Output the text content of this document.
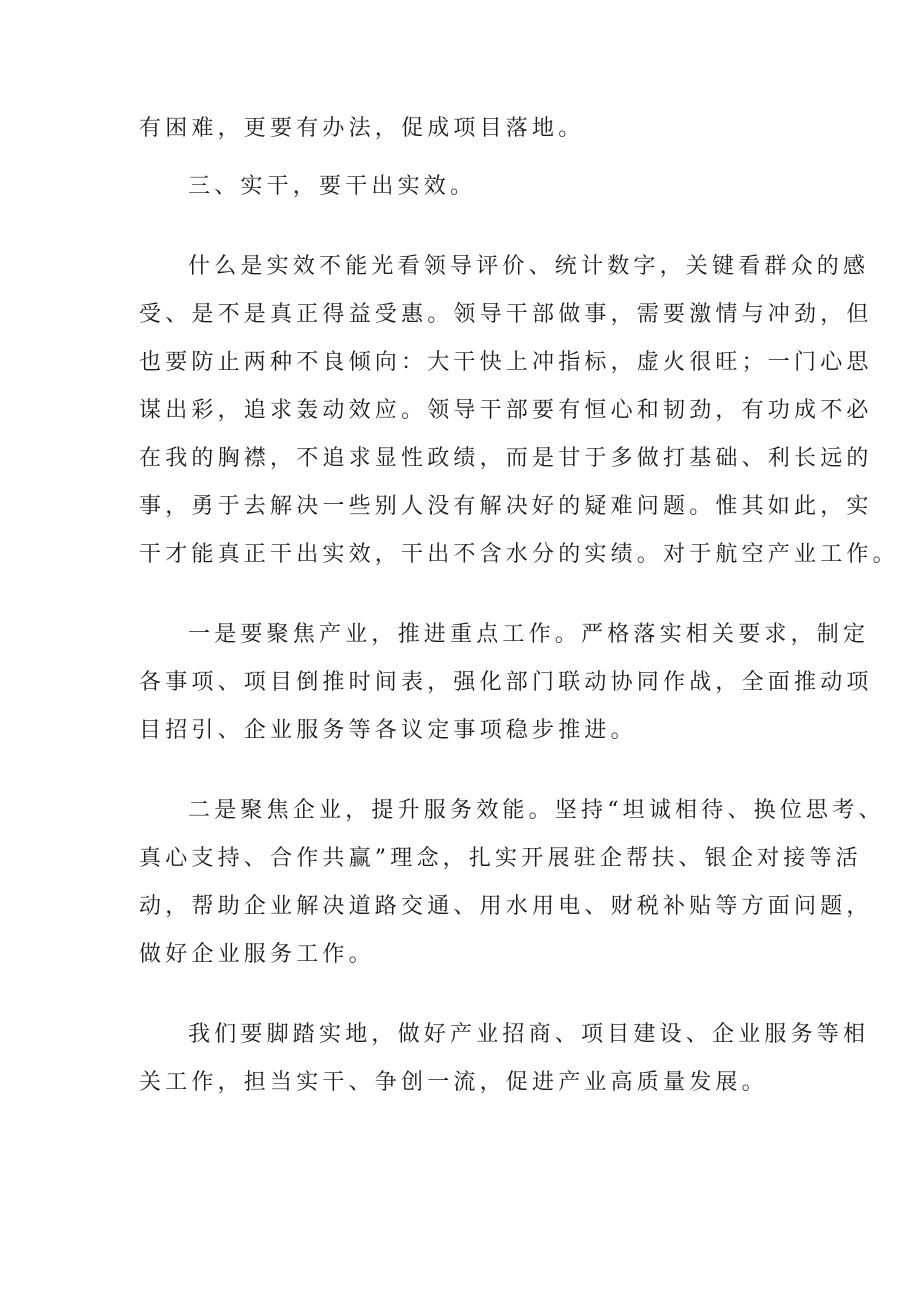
有困难，更要有办法，促成项目落地。
三、实干，要干出实效。
什么是实效不能光看领导评价、统计数字，关键看群众的感
受、是不是真正得益受惠。领导干部做事，需要激情与冲劲，但
也要防止两种不良倾向：大干快上冲指标，虚火很旺；一门心思
谋出彩，追求轰动效应。领导干部要有恒心和韧劲，有功成不必
在我的胸襟，不追求显性政绩，而是甘于多做打基础、利长远的
事，勇于去解决一些别人没有解决好的疑难问题。惟其如此，实
干才能真正干出实效，干出不含水分的实绩。对于航空产业工作。
一是要聚焦产业，推进重点工作。严格落实相关要求，制定
各事项、项目倒推时间表，强化部门联动协同作战，全面推动项
目招引、企业服务等各议定事项稳步推进。
二是聚焦企业，提升服务效能。坚持“坦诚相待、换位思考、
真心支持、合作共赢”理念，扎实开展驻企帮扶、银企对接等活
动，帮助企业解决道路交通、用水用电、财税补贴等方面问题，
做好企业服务工作。
我们要脚踏实地，做好产业招商、项目建设、企业服务等相
关工作，担当实干、争创一流，促进产业高质量发展。
